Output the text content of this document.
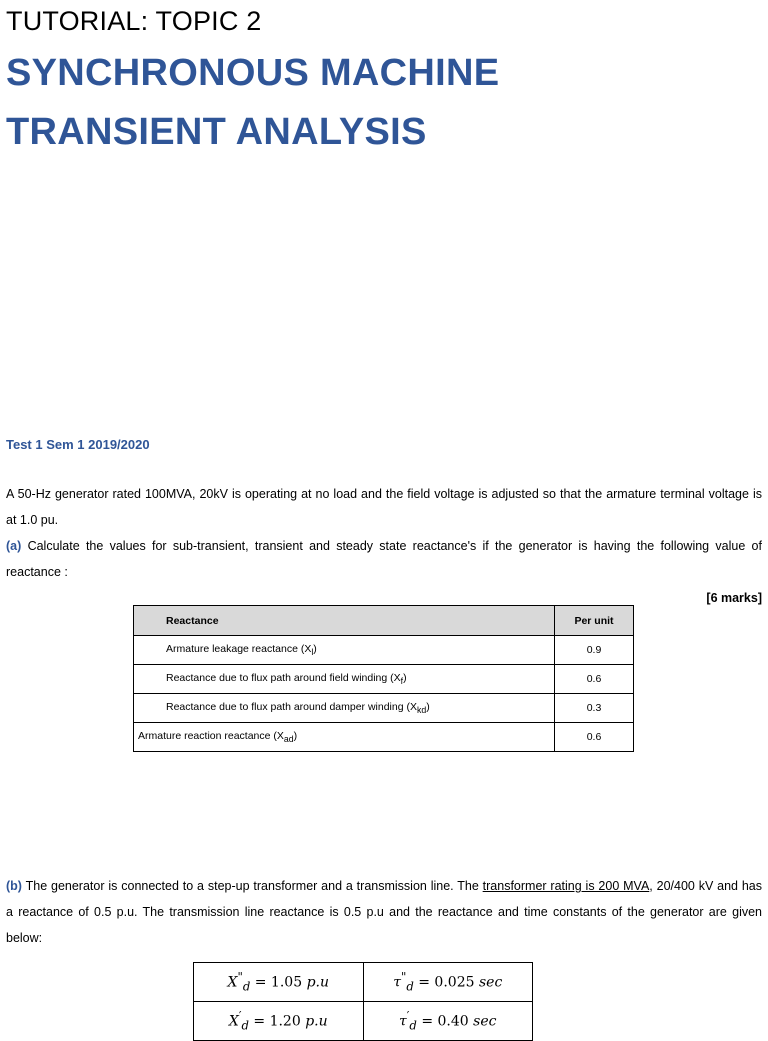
TUTORIAL: TOPIC 2
SYNCHRONOUS MACHINE
TRANSIENT ANALYSIS
Test 1 Sem 1 2019/2020
A 50-Hz generator rated 100MVA, 20kV is operating at no load and the field voltage is adjusted so that the armature terminal voltage is at 1.0 pu.
(a) Calculate the values for sub-transient, transient and steady state reactance's if the generator is having the following value of reactance :
[6 marks]
Reactance	Per unit
Armature leakage reactance $(X_l)$	0.9
Reactance due to flux path around field winding $(X_f)$	0.6
Reactance due to flux path around damper winding $(X_{kd})$	0.3
Armature reaction reactance $(X_{ad})$	0.6
(b) The generator is connected to a step-up transformer and a transmission line. The transformer rating is 200 MVA, 20/400 kV and has a reactance of 0.5 p.u. The transmission line reactance is 0.5 p.u and the reactance and time constants of the generator are given below:
$X^"_d = 1.05$ p.u	$\tau^"_d = 0.025$ sec
$X'_d = 1.20$ p.u	$\tau'_d = 0.40$ sec
